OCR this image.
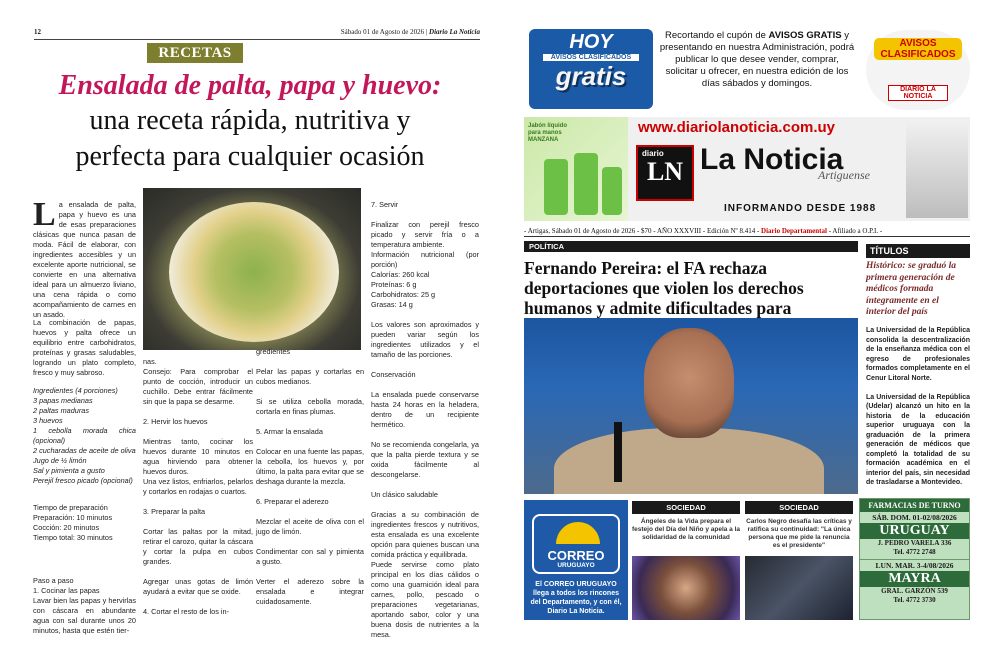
12	Sábado 01 de Agosto de 2026 | Diario La Noticia
RECETAS
Ensalada de palta, papa y huevo:
una receta rápida, nutritiva y
perfecta para cualquier ocasión
La ensalada de palta, papa y huevo es una de esas preparaciones clásicas que nunca pasan de moda. Fácil de elaborar, con ingredientes accesibles y un excelente aporte nutricional, se convierte en una alternativa ideal para un almuerzo liviano, una cena rápida o como acompañamiento de carnes en un asado.
La combinación de papas, huevos y palta ofrece un equilibrio entre carbohidratos, proteínas y grasas saludables, logrando un plato completo, fresco y muy sabroso.
Ingredientes (4 porciones)
3 papas medianas
2 paltas maduras
3 huevos
1 cebolla morada chica (opcional)
2 cucharadas de aceite de oliva
Jugo de ½ limón
Sal y pimienta a gusto
Perejil fresco picado (opcional)
Tiempo de preparación
Preparación: 10 minutos
Cocción: 20 minutos
Tiempo total: 30 minutos
Paso a paso
1. Cocinar las papas
Lavar bien las papas y hervirlas con cáscara en abundante agua con sal durante unos 20 minutos, hasta que estén tier-
nas.
Consejo: Para comprobar el punto de cocción, introducir un cuchillo. Debe entrar fácilmente sin que la papa se desarme.

2. Hervir los huevos

Mientras tanto, cocinar los huevos durante 10 minutos en agua hirviendo para obtener huevos duros.
Una vez listos, enfriarlos, pelarlos y cortarlos en rodajas o cuartos.

3. Preparar la palta

Cortar las paltas por la mitad, retirar el carozo, quitar la cáscara y cortar la pulpa en cubos grandes.

Agregar unas gotas de limón ayudará a evitar que se oxide.

4. Cortar el resto de los in-
gredientes

Pelar las papas y cortarlas en cubos medianos.

Si se utiliza cebolla morada, cortarla en finas plumas.

5. Armar la ensalada

Colocar en una fuente las papas, la cebolla, los huevos y, por último, la palta para evitar que se deshaga durante la mezcla.

6. Preparar el aderezo

Mezclar el aceite de oliva con el jugo de limón.

Condimentar con sal y pimienta a gusto.

Verter el aderezo sobre la ensalada e integrar cuidadosamente.
7. Servir

Finalizar con perejil fresco picado y servir fría o a temperatura ambiente.
Información nutricional (por porción)
Calorías: 260 kcal
Proteínas: 6 g
Carbohidratos: 25 g
Grasas: 14 g

Los valores son aproximados y pueden variar según los ingredientes utilizados y el tamaño de las porciones.

Conservación

La ensalada puede conservarse hasta 24 horas en la heladera, dentro de un recipiente hermético.

No se recomienda congelarla, ya que la palta pierde textura y se oxida fácilmente al descongelarse.

Un clásico saludable

Gracias a su combinación de ingredientes frescos y nutritivos, esta ensalada es una excelente opción para quienes buscan una comida práctica y equilibrada.
Puede servirse como plato principal en los días cálidos o como una guarnición ideal para carnes, pollo, pescado o preparaciones vegetarianas, aportando sabor, color y una buena dosis de nutrientes a la mesa.
HOY
AVISOS CLASIFICADOS
gratis
Recortando el cupón de AVISOS GRATIS y presentando en nuestra Administración, podrá publicar lo que desee vender, comprar, solicitar u ofrecer, en nuestra edición de los días sábados y domingos.
AVISOS CLASIFICADOS
DIARIO LA NOTICIA
Jabón líquido para manos MANZANA
www.diariolanoticia.com.uy
diario
LN La Noticia
Artiguense
INFORMANDO DESDE 1988
- Artigas, Sábado 01 de Agosto de 2026 - $70 - AÑO XXXVIII - Edición Nº 8.414 - Diario Departamental - Afiliado a O.P.I. -
POLÍTICA
Fernando Pereira: el FA rechaza deportaciones que violen los derechos humanos y admite dificultades para
TÍTULOS
Histórico: se graduó la primera generación de médicos formada íntegramente en el interior del país
La Universidad de la República consolida la descentralización de la enseñanza médica con el egreso de profesionales formados completamente en el Cenur Litoral Norte.

La Universidad de la República (Udelar) alcanzó un hito en la historia de la educación superior uruguaya con la graduación de la primera generación de médicos que completó la totalidad de su formación académica en el interior del país, sin necesidad de trasladarse a Montevideo.
CORREO
URUGUAYO
El CORREO URUGUAYO llega a todos los rincones del Departamento, y con él, Diario La Noticia.
SOCIEDAD	SOCIEDAD
Ángeles de la Vida prepara el festejo del Día del Niño y apela a la solidaridad de la comunidad
Carlos Negro desafía las críticas y ratifica su continuidad: "La única persona que me pide la renuncia es el presidente"
FARMACIAS DE TURNO
SÁB. DOM. 01-02/08/2026
URUGUAY
J. PEDRO VARELA 336
Tel. 4772 2748
LUN. MAR. 3-4/08/2026
MAYRA
GRAL. GARZÓN 539
Tel. 4772 3730
